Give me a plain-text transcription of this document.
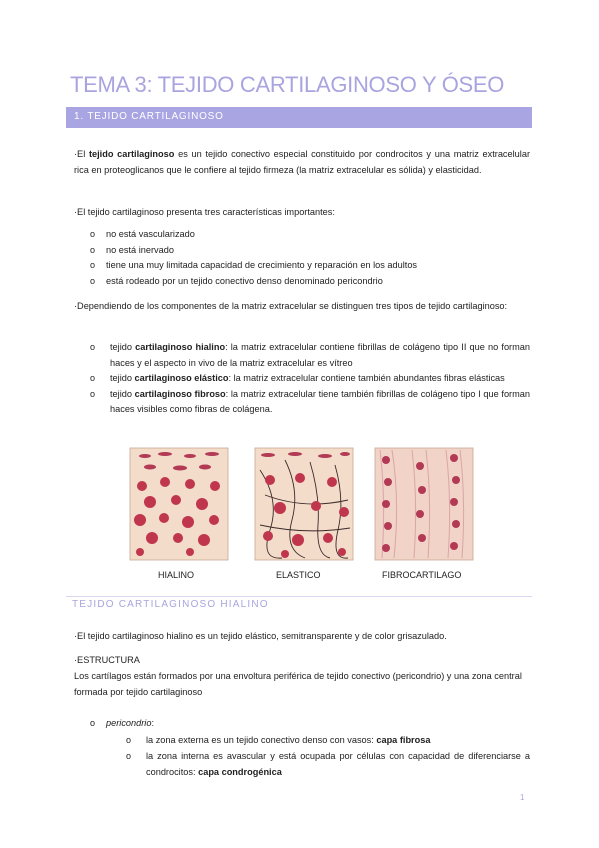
TEMA 3: TEJIDO CARTILAGINOSO Y ÓSEO
1. TEJIDO CARTILAGINOSO
·El tejido cartilaginoso es un tejido conectivo especial constituido por condrocitos y una matriz extracelular rica en proteoglicanos que le confiere al tejido firmeza (la matriz extracelular es sólida) y elasticidad.
·El tejido cartilaginoso presenta tres características importantes:
o no está vascularizado
o no está inervado
o tiene una muy limitada capacidad de crecimiento y reparación en los adultos
o está rodeado por un tejido conectivo denso denominado pericondrio
·Dependiendo de los componentes de la matriz extracelular se distinguen tres tipos de tejido cartilaginoso:
o tejido cartilaginoso hialino: la matriz extracelular contiene fibrillas de colágeno tipo II que no forman haces y el aspecto in vivo de la matriz extracelular es vítreo
o tejido cartilaginoso elástico: la matriz extracelular contiene también abundantes fibras elásticas
o tejido cartilaginoso fibroso: la matriz extracelular tiene también fibrillas de colágeno tipo I que forman haces visibles como fibras de colágena.
HIALINO	ELASTICO	FIBROCARTILAGO
TEJIDO CARTILAGINOSO HIALINO
·El tejido cartilaginoso hialino es un tejido elástico, semitransparente y de color grisazulado.
·ESTRUCTURA
Los cartílagos están formados por una envoltura periférica de tejido conectivo (pericondrio) y una zona central formada por tejido cartilaginoso
o pericondrio:
o la zona externa es un tejido conectivo denso con vasos: capa fibrosa
o la zona interna es avascular y está ocupada por células con capacidad de diferenciarse a condrocitos: capa condrogénica
1
